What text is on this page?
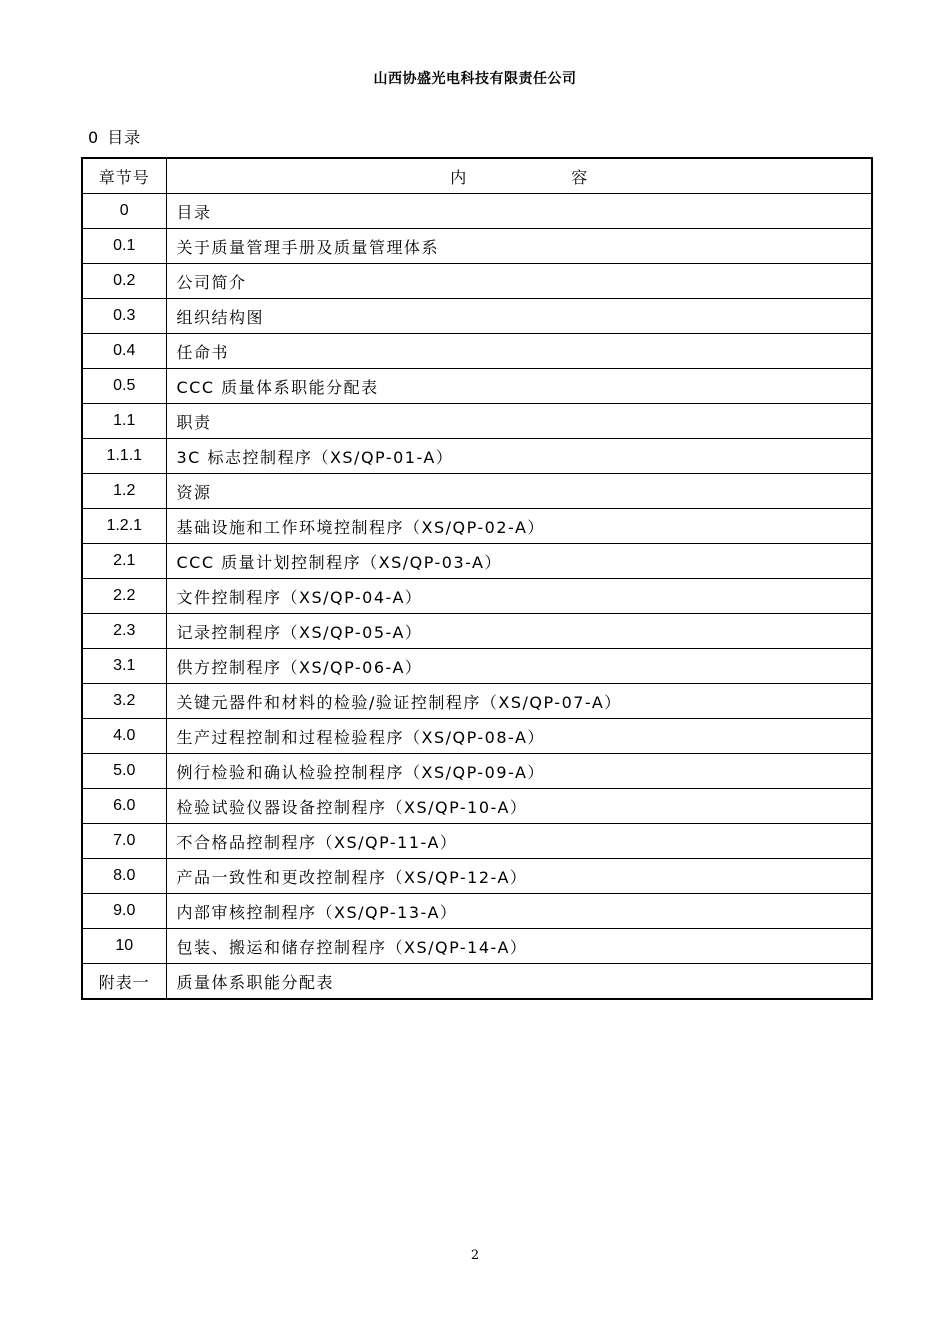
山西协盛光电科技有限责任公司
0 目录
章节号	内 容
0	目录
0.1	关于质量管理手册及质量管理体系
0.2	公司简介
0.3	组织结构图
0.4	任命书
0.5	CCC 质量体系职能分配表
1.1	职责
1.1.1	3C 标志控制程序（XS/QP-01-A）
1.2	资源
1.2.1	基础设施和工作环境控制程序（XS/QP-02-A）
2.1	CCC 质量计划控制程序（XS/QP-03-A）
2.2	文件控制程序（XS/QP-04-A）
2.3	记录控制程序（XS/QP-05-A）
3.1	供方控制程序（XS/QP-06-A）
3.2	关键元器件和材料的检验/验证控制程序（XS/QP-07-A）
4.0	生产过程控制和过程检验程序（XS/QP-08-A）
5.0	例行检验和确认检验控制程序（XS/QP-09-A）
6.0	检验试验仪器设备控制程序（XS/QP-10-A）
7.0	不合格品控制程序（XS/QP-11-A）
8.0	产品一致性和更改控制程序（XS/QP-12-A）
9.0	内部审核控制程序（XS/QP-13-A）
10	包装、搬运和储存控制程序（XS/QP-14-A）
附表一	质量体系职能分配表
2
